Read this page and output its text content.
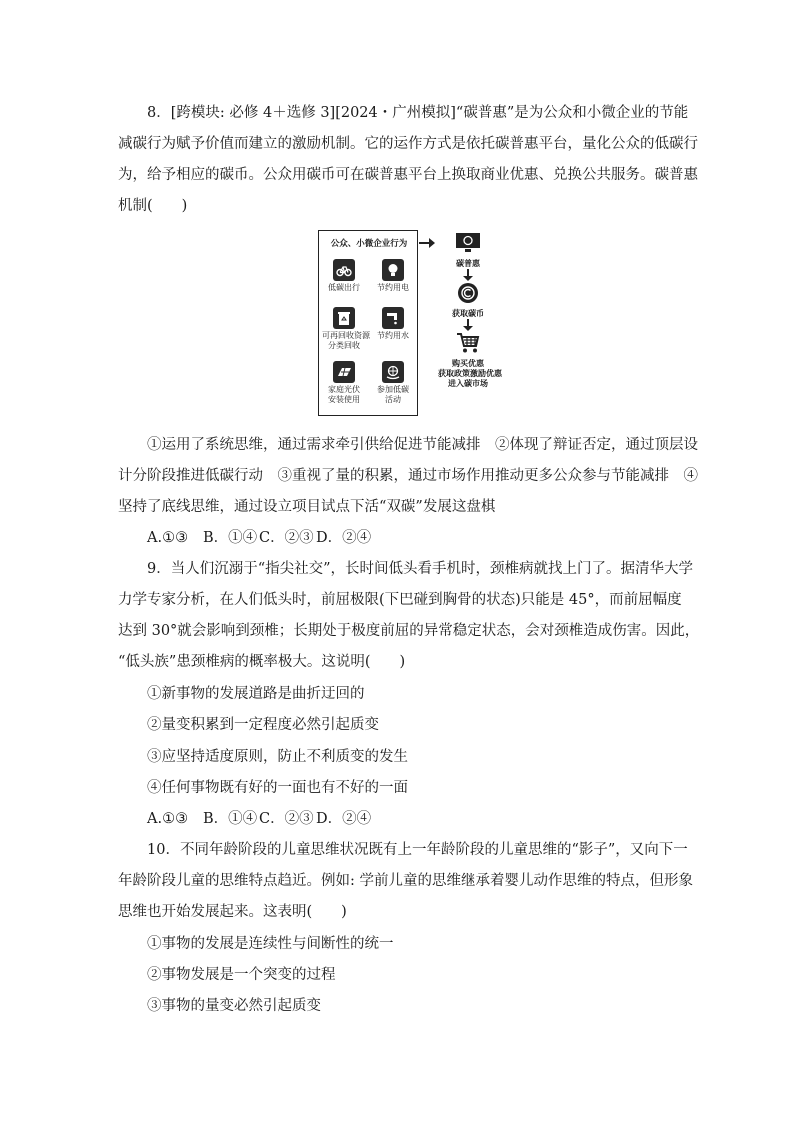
8．[跨模块: 必修 4＋选修 3][2024・广州模拟]“碳普惠”是为公众和小微企业的节能
减碳行为赋予价值而建立的激励机制。它的运作方式是依托碳普惠平台，量化公众的低碳行
为，给予相应的碳币。公众用碳币可在碳普惠平台上换取商业优惠、兑换公共服务。碳普惠
机制(　　)
公众、小微企业行为
低碳出行	节约用电
可再回收资源
分类回收
节约用水
家庭光伏
安装使用
参加低碳
活动
碳普惠
获取碳币
购买优惠
获取政策激励优惠
进入碳市场
①运用了系统思维，通过需求牵引供给促进节能减排　②体现了辩证否定，通过顶层设
计分阶段推进低碳行动　③重视了量的积累，通过市场作用推动更多公众参与节能减排　④
坚持了底线思维，通过设立项目试点下活“双碳”发展这盘棋
A.①③ B．①④ C．②③ D．②④
9．当人们沉溺于“指尖社交”，长时间低头看手机时，颈椎病就找上门了。据清华大学
力学专家分析，在人们低头时，前屈极限(下巴碰到胸骨的状态)只能是 45°，而前屈幅度
达到 30°就会影响到颈椎；长期处于极度前屈的异常稳定状态，会对颈椎造成伤害。因此，
“低头族”患颈椎病的概率极大。这说明(　　)
①新事物的发展道路是曲折迂回的
②量变积累到一定程度必然引起质变
③应坚持适度原则，防止不利质变的发生
④任何事物既有好的一面也有不好的一面
A.①③ B．①④ C．②③ D．②④
10．不同年龄阶段的儿童思维状况既有上一年龄阶段的儿童思维的“影子”，又向下一
年龄阶段儿童的思维特点趋近。例如: 学前儿童的思维继承着婴儿动作思维的特点，但形象
思维也开始发展起来。这表明(　　)
①事物的发展是连续性与间断性的统一
②事物发展是一个突变的过程
③事物的量变必然引起质变
